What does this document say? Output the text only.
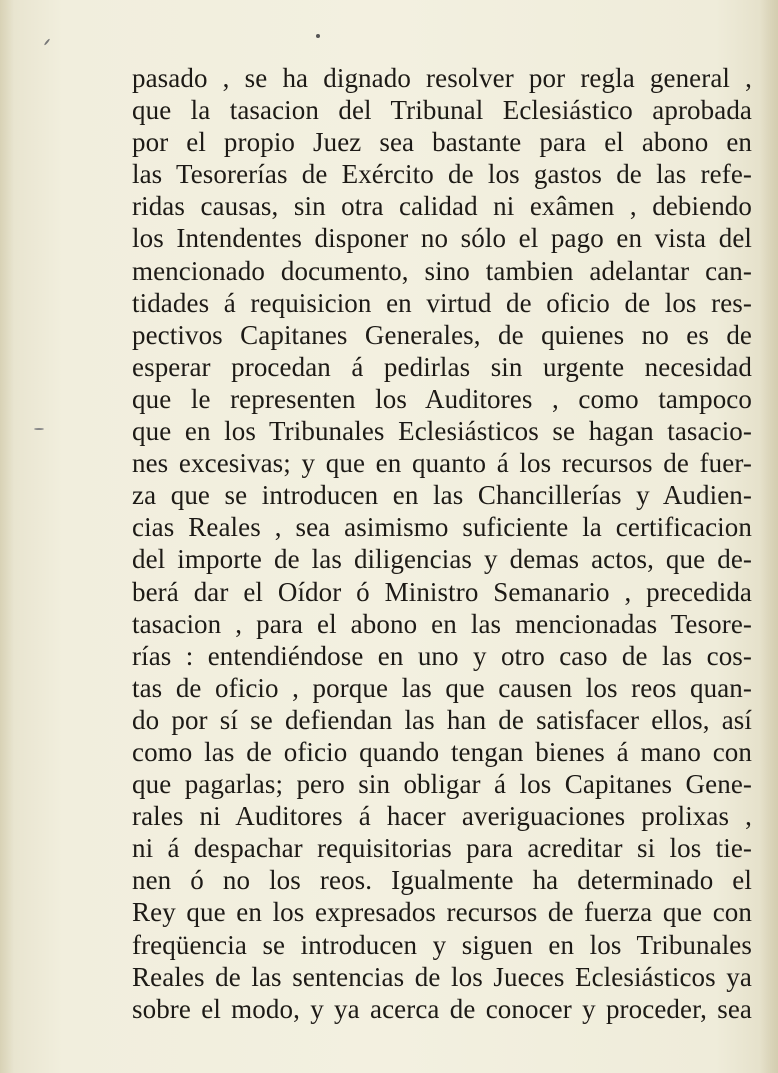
pasado , se ha dignado resolver por regla general ,
que la tasacion del Tribunal Eclesiástico aprobada
por el propio Juez sea bastante para el abono en
las Tesorerías de Exército de los gastos de las refe-
ridas causas, sin otra calidad ni exâmen , debiendo
los Intendentes disponer no sólo el pago en vista del
mencionado documento, sino tambien adelantar can-
tidades á requisicion en virtud de oficio de los res-
pectivos Capitanes Generales, de quienes no es de
esperar procedan á pedirlas sin urgente necesidad
que le representen los Auditores , como tampoco
que en los Tribunales Eclesiásticos se hagan tasacio-
nes excesivas; y que en quanto á los recursos de fuer-
za que se introducen en las Chancillerías y Audien-
cias Reales , sea asimismo suficiente la certificacion
del importe de las diligencias y demas actos, que de-
berá dar el Oídor ó Ministro Semanario , precedida
tasacion , para el abono en las mencionadas Tesore-
rías : entendiéndose en uno y otro caso de las cos-
tas de oficio , porque las que causen los reos quan-
do por sí se defiendan las han de satisfacer ellos, así
como las de oficio quando tengan bienes á mano con
que pagarlas; pero sin obligar á los Capitanes Gene-
rales ni Auditores á hacer averiguaciones prolixas ,
ni á despachar requisitorias para acreditar si los tie-
nen ó no los reos. Igualmente ha determinado el
Rey que en los expresados recursos de fuerza que con
freqüencia se introducen y siguen en los Tribunales
Reales de las sentencias de los Jueces Eclesiásticos ya
sobre el modo, y ya acerca de conocer y proceder, sea
